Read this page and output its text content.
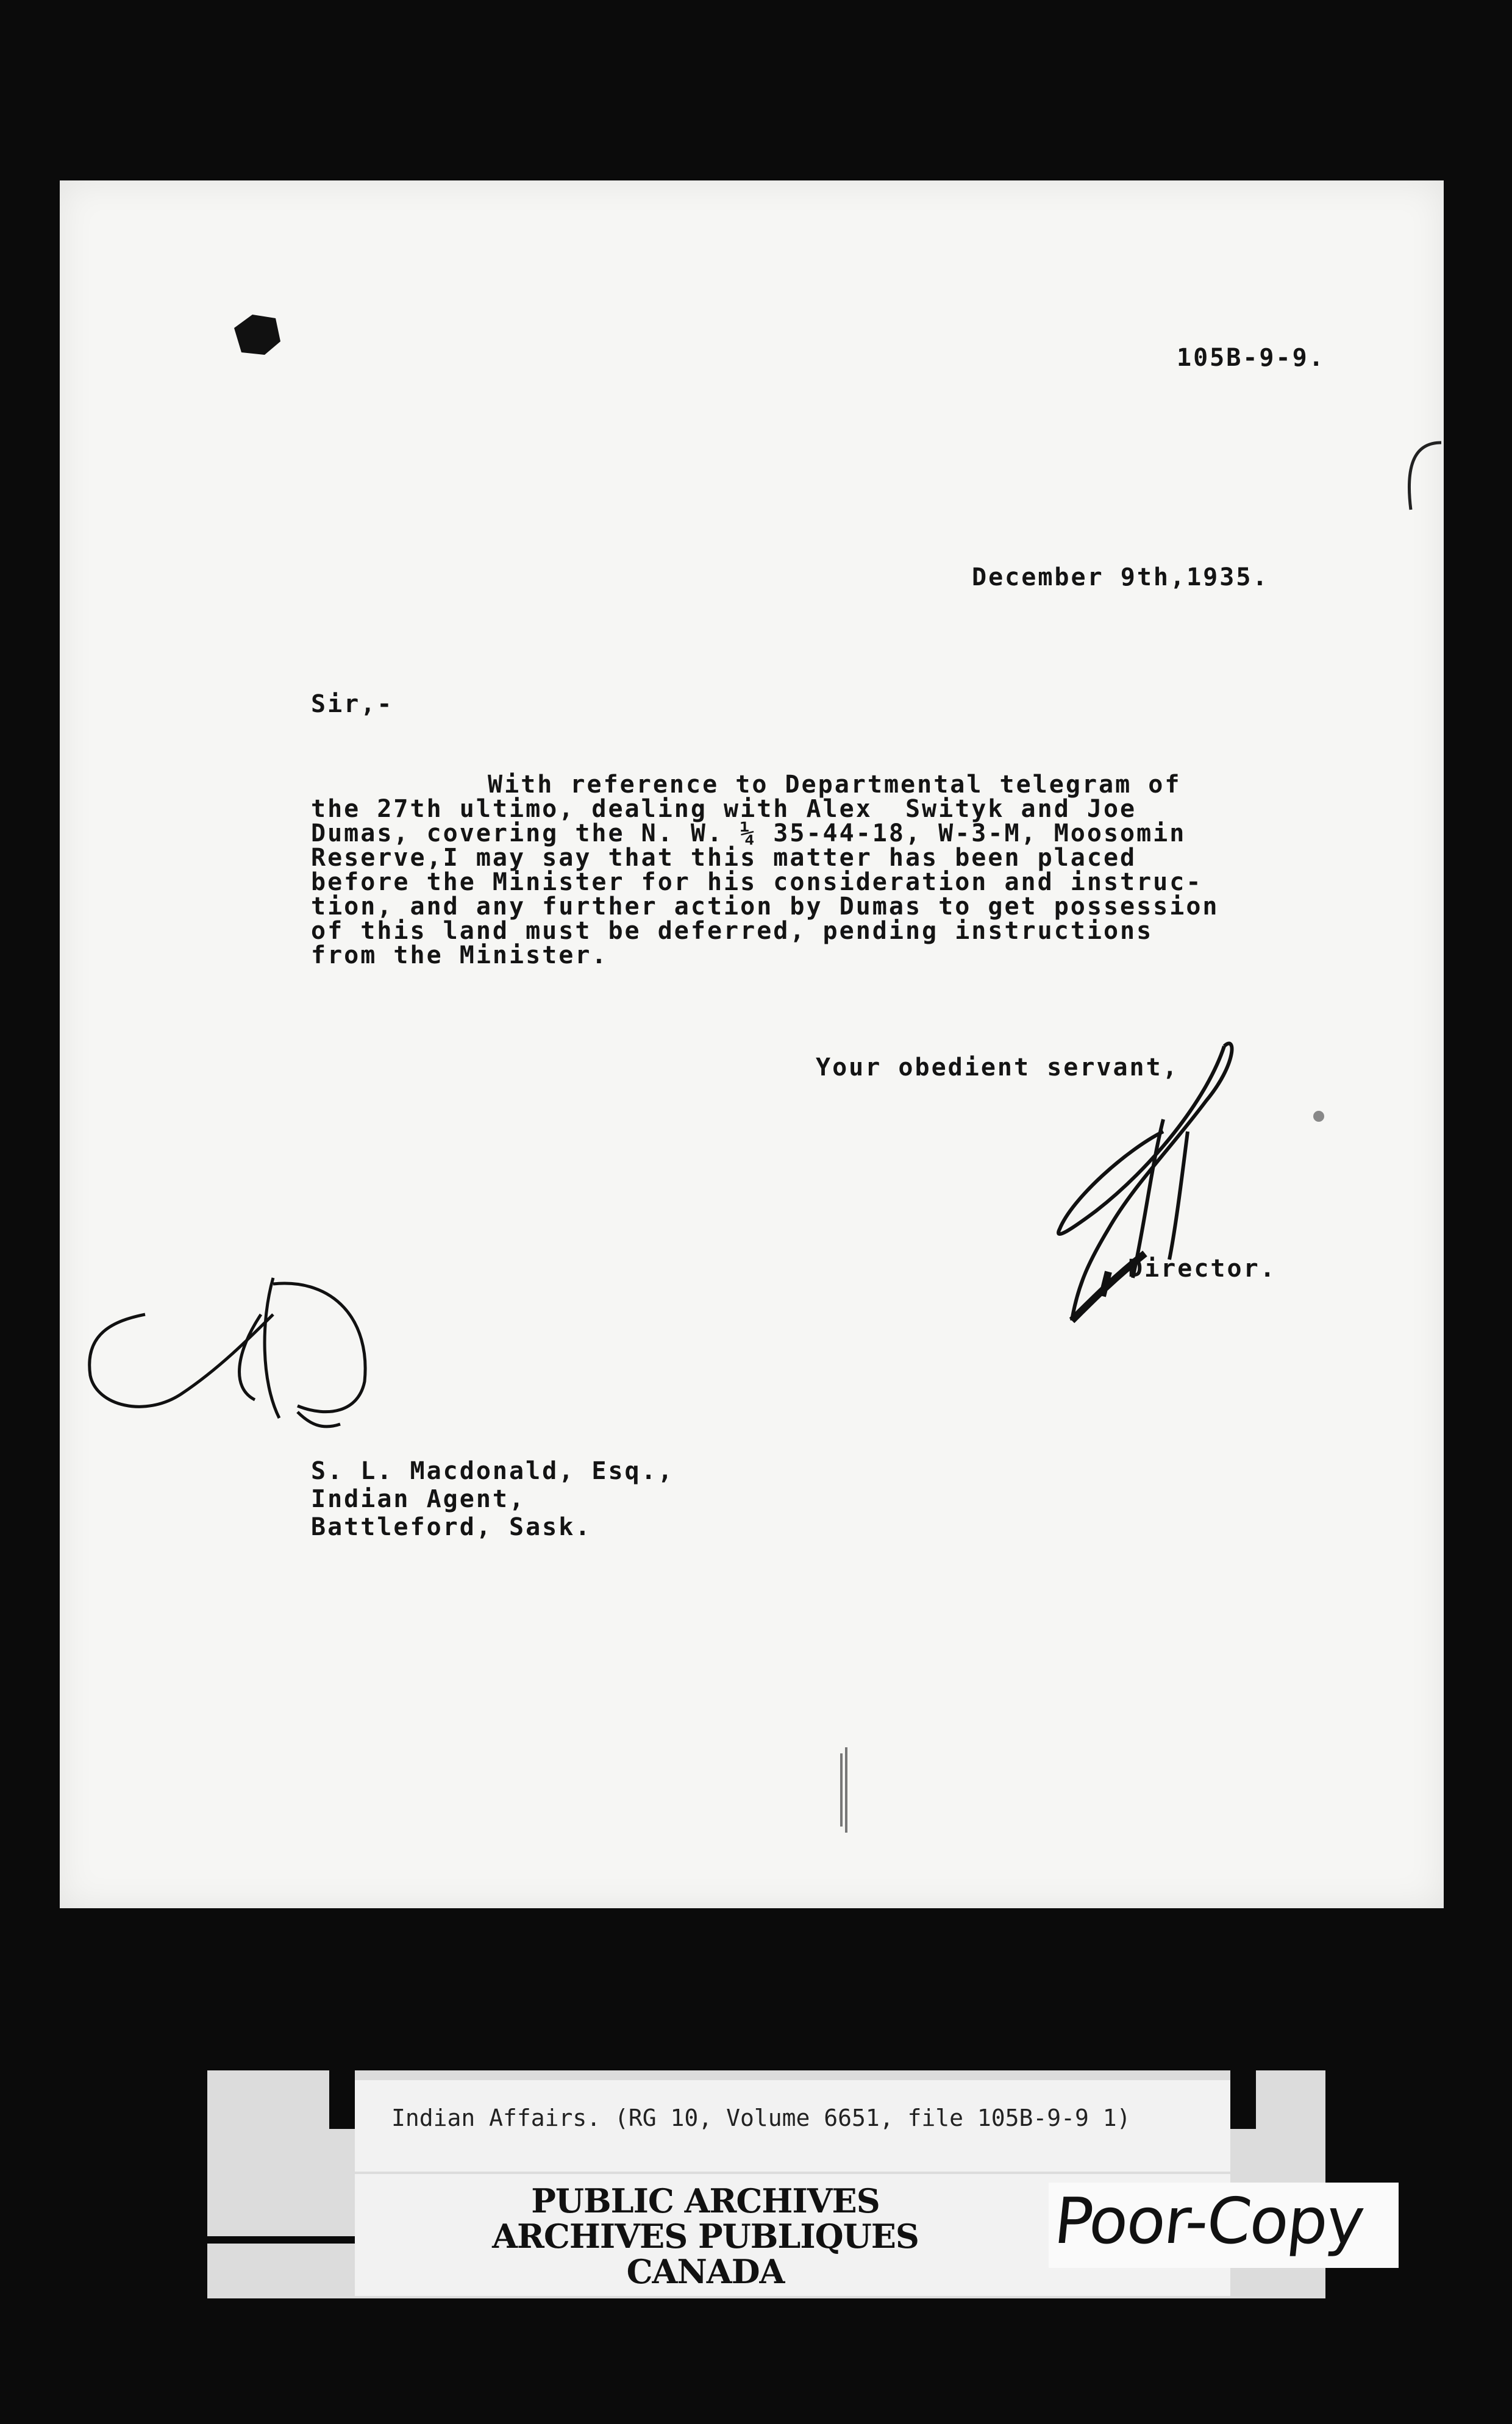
105B-9-9.
December 9th,1935.
Sir,-
With reference to Departmental telegram of
the 27th ultimo, dealing with Alex  Swityk and Joe
Dumas, covering the N. W. ¼ 35-44-18, W-3-M, Moosomin
Reserve,I may say that this matter has been placed
before the Minister for his consideration and instruc-
tion, and any further action by Dumas to get possession
of this land must be deferred, pending instructions
from the Minister.
Your obedient servant,
Director.
S. L. Macdonald, Esq.,
Indian Agent,
Battleford, Sask.
Indian Affairs. (RG 10, Volume 6651, file 105B-9-9 1)
PUBLIC ARCHIVES
ARCHIVES PUBLIQUES
CANADA
Poor-Copy
